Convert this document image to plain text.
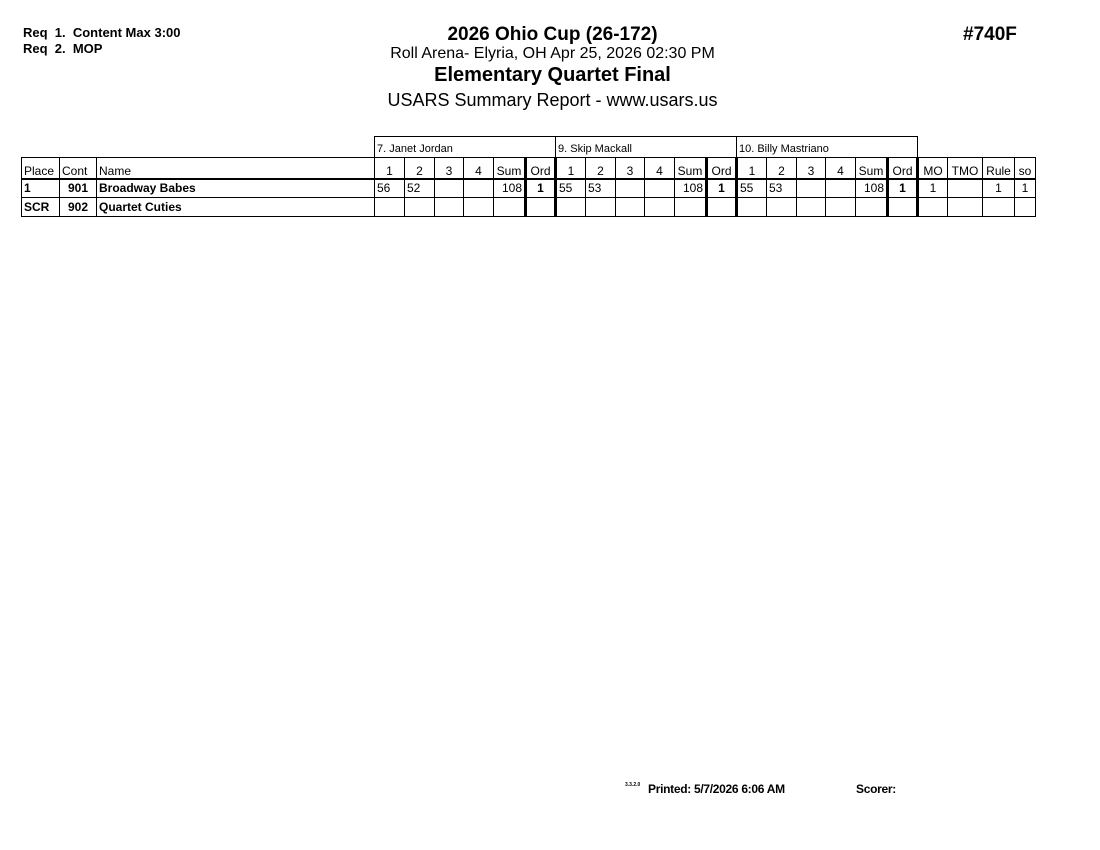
Req  1.  Content Max 3:00
Req  2.  MOP
2026 Ohio Cup (26-172)
Roll Arena- Elyria, OH Apr 25, 2026 02:30 PM
Elementary Quartet Final
USARS Summary Report - www.usars.us
#740F
			7. Janet Jordan						9. Skip Mackall						10. Billy Mastriano									
Place	Cont	Name	1	2	3	4	Sum	Ord	1	2	3	4	Sum	Ord	1	2	3	4	Sum	Ord	MO	TMO	Rule	so
1	901	Broadway Babes	56	52			108	1	55	53			108	1	55	53			108	1	1		1	1
SCR	902	Quartet Cuties																						
3.3.2.0 Printed: 5/7/2026 6:06 AM	Scorer:
